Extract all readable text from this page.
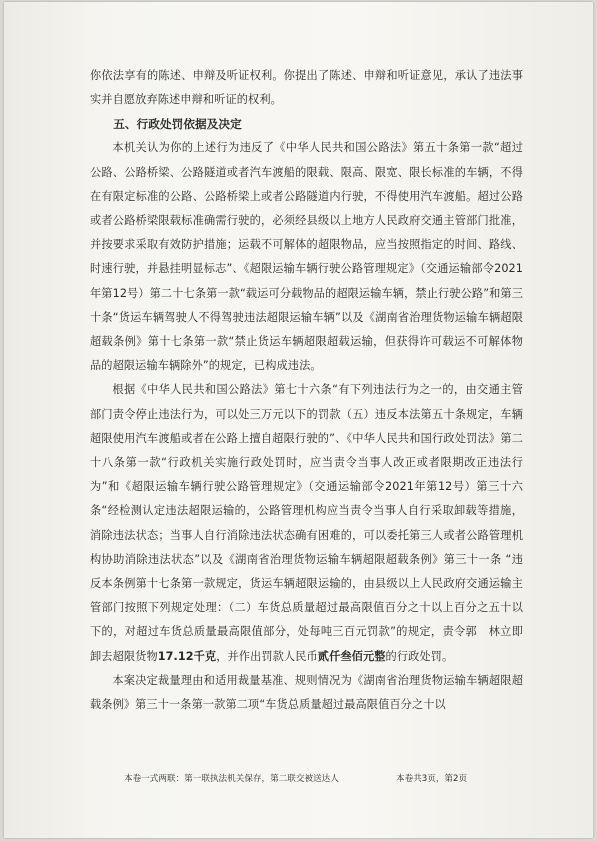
你依法享有的陈述、申辩及听证权利。你提出了陈述、申辩和听证意见，承认了违法事实并自愿放弃陈述申辩和听证的权利。

五、行政处罚依据及决定

本机关认为你的上述行为违反了《中华人民共和国公路法》第五十条第一款“超过公路、公路桥梁、公路隧道或者汽车渡船的限载、限高、限宽、限长标准的车辆，不得在有限定标准的公路、公路桥梁上或者公路隧道内行驶，不得使用汽车渡船。超过公路或者公路桥梁限载标准确需行驶的，必须经县级以上地方人民政府交通主管部门批准，并按要求采取有效防护措施；运载不可解体的超限物品，应当按照指定的时间、路线、时速行驶，并悬挂明显标志”、《超限运输车辆行驶公路管理规定》（交通运输部令2021年第12号）第二十七条第一款“载运可分载物品的超限运输车辆，禁止行驶公路”和第三十条“货运车辆驾驶人不得驾驶违法超限运输车辆”以及《湖南省治理货物运输车辆超限超载条例》第十七条第一款“禁止货运车辆超限超载运输，但获得许可载运不可解体物品的超限运输车辆除外”的规定，已构成违法。

根据《中华人民共和国公路法》第七十六条“有下列违法行为之一的，由交通主管部门责令停止违法行为，可以处三万元以下的罚款（五）违反本法第五十条规定，车辆超限使用汽车渡船或者在公路上擅自超限行驶的”、《中华人民共和国行政处罚法》第二十八条第一款“行政机关实施行政处罚时，应当责令当事人改正或者限期改正违法行为”和《超限运输车辆行驶公路管理规定》（交通运输部令2021年第12号）第三十六条“经检测认定违法超限运输的，公路管理机构应当责令当事人自行采取卸载等措施，消除违法状态；当事人自行消除违法状态确有困难的，可以委托第三人或者公路管理机构协助消除违法状态”以及《湖南省治理货物运输车辆超限超载条例》第三十一条 “违反本条例第十七条第一款规定，货运车辆超限运输的，由县级以上人民政府交通运输主管部门按照下列规定处理：（二）车货总质量超过最高限值百分之十以上百分之五十以下的，对超过车货总质量最高限值部分，处每吨三百元罚款”的规定，责令郭　林立即卸去超限货物17.12千克，并作出罚款人民币贰仟叁佰元整的行政处罚。

本案决定裁量理由和适用裁量基准、规则情况为《湖南省治理货物运输车辆超限超载条例》第三十一条第一款第二项“车货总质量超过最高限值百分之十以

本卷一式两联：第一联执法机关保存，第二联交被送达人	本卷共3页，第2页
